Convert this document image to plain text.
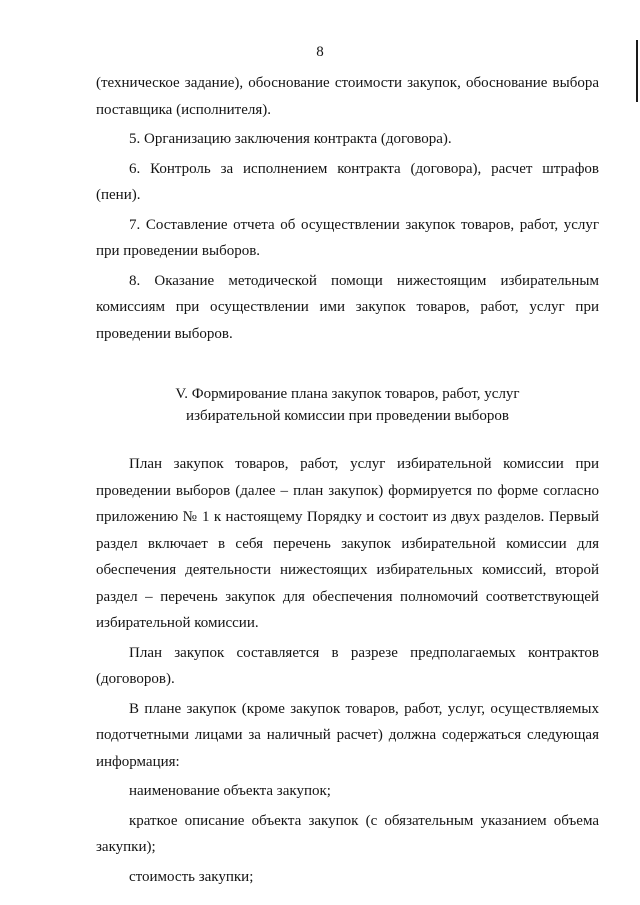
8

(техническое задание), обоснование стоимости закупок, обоснование выбора поставщика (исполнителя).

5. Организацию заключения контракта (договора).

6. Контроль за исполнением контракта (договора), расчет штрафов (пени).

7. Составление отчета об осуществлении закупок товаров, работ, услуг при проведении выборов.

8. Оказание методической помощи нижестоящим избирательным комиссиям при осуществлении ими закупок товаров, работ, услуг при проведении выборов.

V. Формирование плана закупок товаров, работ, услуг
избирательной комиссии при проведении выборов

План закупок товаров, работ, услуг избирательной комиссии при проведении выборов (далее – план закупок) формируется по форме согласно приложению № 1 к настоящему Порядку и состоит из двух разделов. Первый раздел включает в себя перечень закупок избирательной комиссии для обеспечения деятельности нижестоящих избирательных комиссий, второй раздел – перечень закупок для обеспечения полномочий соответствующей избирательной комиссии.

План закупок составляется в разрезе предполагаемых контрактов (договоров).

В плане закупок (кроме закупок товаров, работ, услуг, осуществляемых подотчетными лицами за наличный расчет) должна содержаться следующая информация:

наименование объекта закупок;

краткое описание объекта закупок (с обязательным указанием объема закупки);

стоимость закупки;
